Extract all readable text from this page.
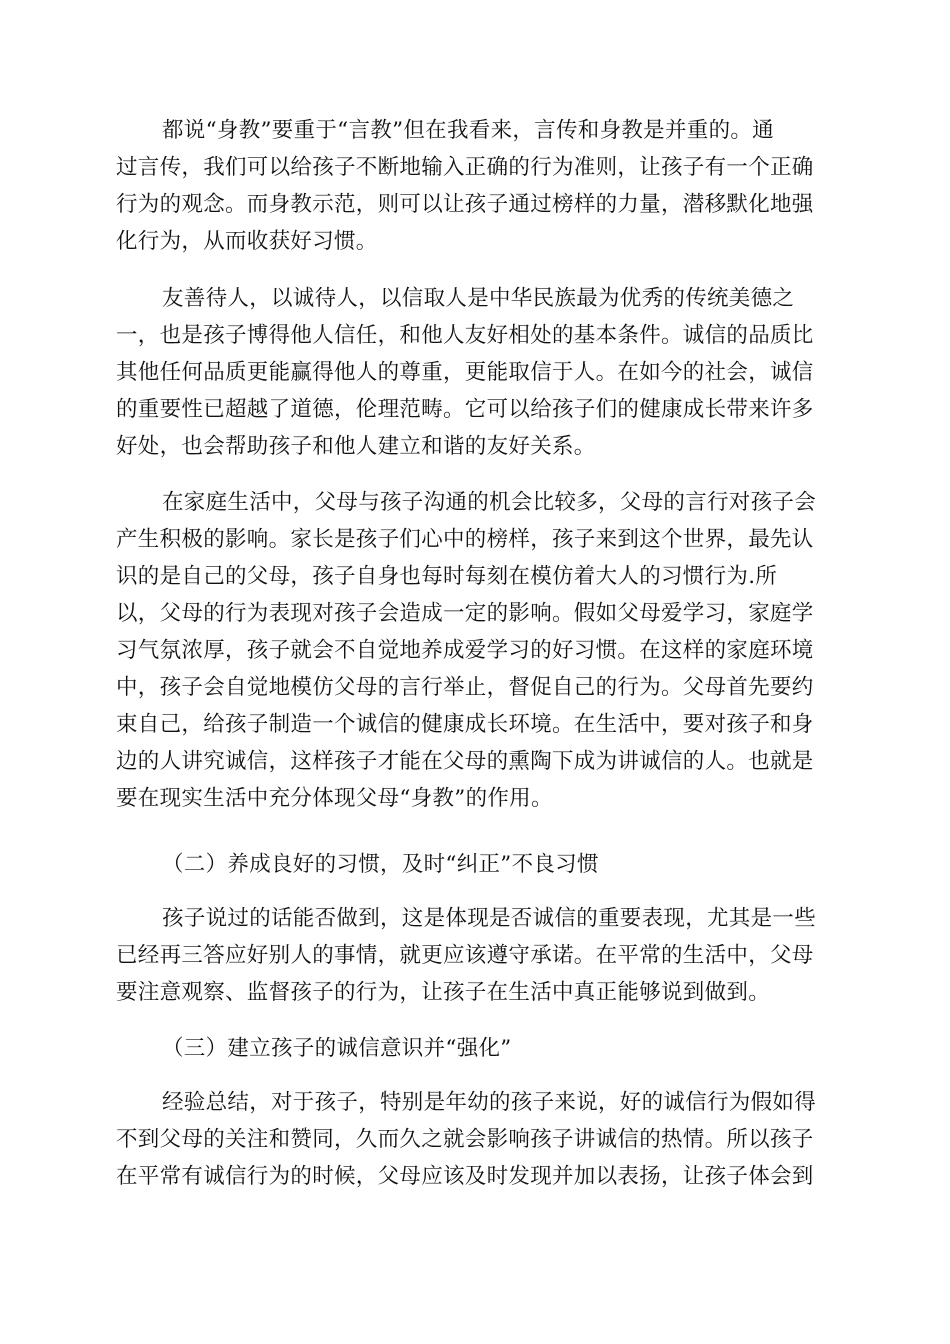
都说“身教”要重于“言教”但在我看来，言传和身教是并重的。通
过言传，我们可以给孩子不断地输入正确的行为准则，让孩子有一个正确
行为的观念。而身教示范，则可以让孩子通过榜样的力量，潜移默化地强
化行为，从而收获好习惯。
友善待人，以诚待人，以信取人是中华民族最为优秀的传统美德之
一，也是孩子博得他人信任，和他人友好相处的基本条件。诚信的品质比
其他任何品质更能赢得他人的尊重，更能取信于人。在如今的社会，诚信
的重要性已超越了道德，伦理范畴。它可以给孩子们的健康成长带来许多
好处，也会帮助孩子和他人建立和谐的友好关系。
在家庭生活中，父母与孩子沟通的机会比较多，父母的言行对孩子会
产生积极的影响。家长是孩子们心中的榜样，孩子来到这个世界，最先认
识的是自己的父母，孩子自身也每时每刻在模仿着大人的习惯行为.所
以，父母的行为表现对孩子会造成一定的影响。假如父母爱学习，家庭学
习气氛浓厚，孩子就会不自觉地养成爱学习的好习惯。在这样的家庭环境
中，孩子会自觉地模仿父母的言行举止，督促自己的行为。父母首先要约
束自己，给孩子制造一个诚信的健康成长环境。在生活中，要对孩子和身
边的人讲究诚信，这样孩子才能在父母的熏陶下成为讲诚信的人。也就是
要在现实生活中充分体现父母“身教”的作用。
（二）养成良好的习惯，及时“纠正”不良习惯
孩子说过的话能否做到，这是体现是否诚信的重要表现，尤其是一些
已经再三答应好别人的事情，就更应该遵守承诺。在平常的生活中，父母
要注意观察、监督孩子的行为，让孩子在生活中真正能够说到做到。
（三）建立孩子的诚信意识并“强化”
经验总结，对于孩子，特别是年幼的孩子来说，好的诚信行为假如得
不到父母的关注和赞同，久而久之就会影响孩子讲诚信的热情。所以孩子
在平常有诚信行为的时候，父母应该及时发现并加以表扬，让孩子体会到
